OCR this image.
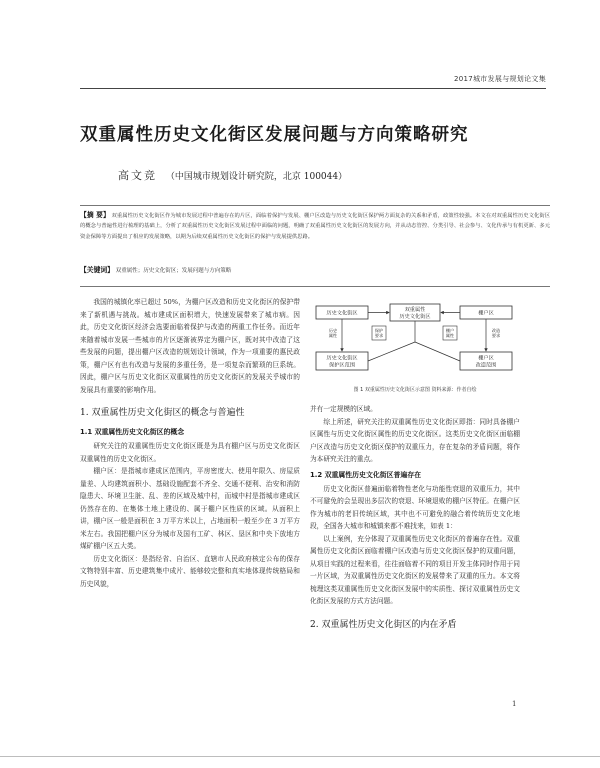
2017城市发展与规划论文集
双重属性历史文化街区发展问题与方向策略研究
高文竞 （中国城市规划设计研究院，北京 100044）
【摘 要】 双重属性历史文化街区作为城市发展过程中普遍存在的片区，面临着保护与发展、棚户区改造与历史文化街区保护两方面复杂的关系和矛盾，政策性较强。本文在对双重属性历史文化街区的概念与普遍性进行梳理的基础上，分析了双重属性历史文化街区发展过程中面临的问题，明确了双重属性历史文化街区的发展方向，并从动态管控、分类引导、社会参与、文化传承与有机更新、多元资金保障等方面提出了相应的发展策略，以期为后续双重属性历史文化街区的保护与发展提供思路。
【关键词】 双重属性；历史文化街区；发展问题与方向策略

我国的城镇化率已超过 50%，为棚户区改造和历史文化街区的保护带来了新机遇与挑战。城市建成区面积增大，快速发展带来了城市病。因此，历史文化街区经济会选要面临着保护与改造的两重工作任务。而近年来随着城市发展一些城市的片区逐渐被界定为棚户区，既对其中改造了这些发展的问题，提出棚户区改造的规划设计领域，作为一项重要的惠民政策，棚户区有也有改造与发展的多重任务，是一项复杂而繁琐的巨系统。因此，棚户区与历史文化街区双重属性的历史文化街区的发展关乎城市的发展具有重要的影响作用。

1. 双重属性历史文化街区的概念与普遍性
1.1 双重属性历史文化街区的概念

研究关注的双重属性历史文化街区既是为具有棚户区与历史文化街区双重属性的历史文化街区。

棚户区：是指城市建成区范围内，平房密度大、使用年限久、房屋质量差、人均建筑面积小、基础设施配套不齐全、交通不便利、治安和消防隐患大、环境卫生脏、乱、差的区域及城中村，而城中村是指城市建成区仍然存在的、在集体土地上建设的、属于棚户区性质的区域。从面积上讲，棚户区一般是面积在 3 万平方米以上，占地面积一般至少在 3 万平方米左右。我国把棚户区分为城市及国有工矿、林区、垦区和中央下放地方煤矿棚户区五大类。

历史文化街区：是指经省、自治区、直辖市人民政府核定公布的保存文物特别丰富、历史建筑集中成片、能够较完整和真实地体现传统格局和历史风貌，

历史文化街区
双重属性
历史文化街区
棚户区
历史文化街区
保护区范围
棚户区
改造范围
历史
属性
保护
要求
棚户
属性
改造
要求
图 1 双重属性历史文化街区示意图 资料来源：作者自绘

并有一定规模的区域。

综上所述，研究关注的双重属性历史文化街区即指：同时具备棚户区属性与历史文化街区属性的历史文化街区。这类历史文化街区面临棚户区改造与历史文化街区保护的双重压力，存在复杂的矛盾问题，将作为本研究关注的重点。

1.2 双重属性历史文化街区普遍存在

历史文化街区普遍面临着物性老化与功能性衰退的双重压力，其中不可避免的会呈现出多层次的衰退、环境退败的棚户区特征。在棚户区作为城市的老旧传统区域，其中也不可避免的融合着传统历史文化地段，全国各大城市和城镇来都不难找来，如表 1：

以上案例，充分体现了双重属性历史文化街区的普遍存在性。双重属性历史文化街区面临着棚户区改造与历史文化街区保护的双重问题，从项目实践的过程来看，往往面临着不同的项目开发主体同时作用于同一片区域，为双重属性历史文化街区的发展带来了双重的压力。本文将梳理这类双重属性历史文化街区发展中的实质性、探讨双重属性历史文化街区发展的方式方法问题。

2. 双重属性历史文化街区的内在矛盾
1
